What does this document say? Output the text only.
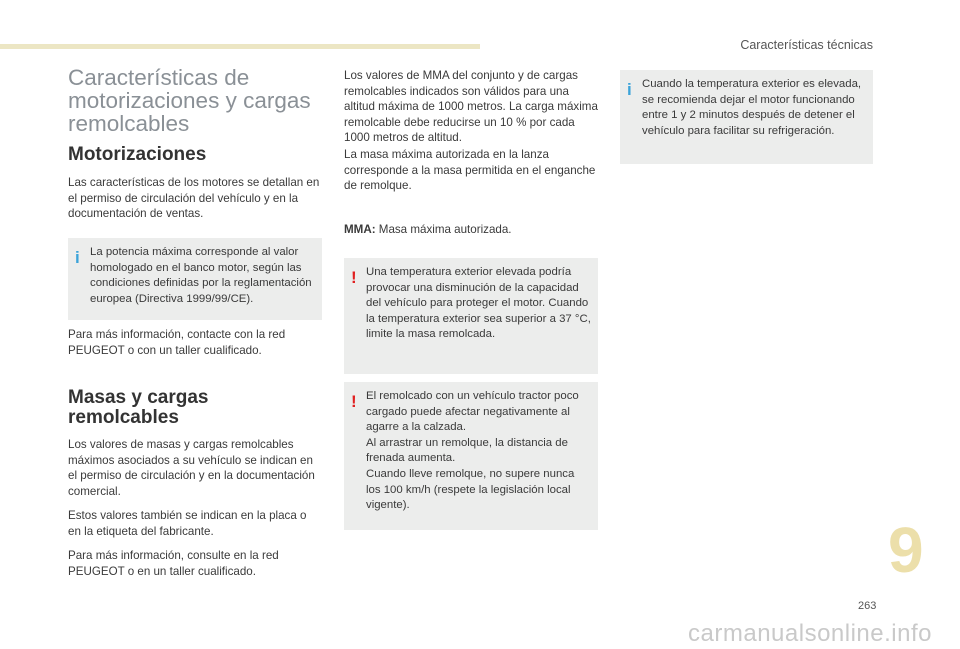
Características técnicas
Características de motorizaciones y cargas remolcables
Motorizaciones
Las características de los motores se detallan en el permiso de circulación del vehículo y en la documentación de ventas.
i La potencia máxima corresponde al valor homologado en el banco motor, según las condiciones definidas por la reglamentación europea (Directiva 1999/99/CE).
Para más información, contacte con la red PEUGEOT o con un taller cualificado.
Masas y cargas remolcables
Los valores de masas y cargas remolcables máximos asociados a su vehículo se indican en el permiso de circulación y en la documentación comercial.
Estos valores también se indican en la placa o en la etiqueta del fabricante.
Para más información, consulte en la red PEUGEOT o en un taller cualificado.
Los valores de MMA del conjunto y de cargas remolcables indicados son válidos para una altitud máxima de 1000 metros. La carga máxima remolcable debe reducirse un 10 % por cada 1000 metros de altitud.
La masa máxima autorizada en la lanza corresponde a la masa permitida en el enganche de remolque.
MMA: Masa máxima autorizada.
! Una temperatura exterior elevada podría provocar una disminución de la capacidad del vehículo para proteger el motor. Cuando la temperatura exterior sea superior a 37 °C, limite la masa remolcada.
! El remolcado con un vehículo tractor poco cargado puede afectar negativamente al agarre a la calzada.
Al arrastrar un remolque, la distancia de frenada aumenta.
Cuando lleve remolque, no supere nunca los 100 km/h (respete la legislación local vigente).
i Cuando la temperatura exterior es elevada, se recomienda dejar el motor funcionando entre 1 y 2 minutos después de detener el vehículo para facilitar su refrigeración.
9
263
carmanualsonline.info
